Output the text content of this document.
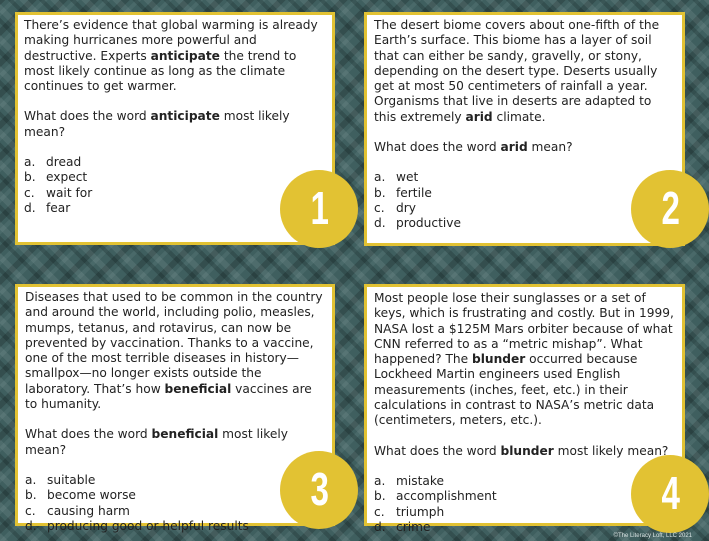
There’s evidence that global warming is already making hurricanes more powerful and destructive. Experts anticipate the trend to most likely continue as long as the climate continues to get warmer.

What does the word anticipate most likely mean?

a. dread
b. expect
c. wait for
d. fear	1

The desert biome covers about one-fifth of the Earth’s surface. This biome has a layer of soil that can either be sandy, gravelly, or stony, depending on the desert type. Deserts usually get at most 50 centimeters of rainfall a year. Organisms that live in deserts are adapted to this extremely arid climate.

What does the word arid mean?

a. wet
b. fertile
c. dry
d. productive	2

Diseases that used to be common in the country and around the world, including polio, measles, mumps, tetanus, and rotavirus, can now be prevented by vaccination. Thanks to a vaccine, one of the most terrible diseases in history—smallpox—no longer exists outside the laboratory. That’s how beneficial vaccines are to humanity.

What does the word beneficial most likely mean?

a. suitable
b. become worse
c. causing harm
d. producing good or helpful results
3

Most people lose their sunglasses or a set of keys, which is frustrating and costly. But in 1999, NASA lost a $125M Mars orbiter because of what CNN referred to as a “metric mishap”. What happened? The blunder occurred because Lockheed Martin engineers used English measurements (inches, feet, etc.) in their calculations in contrast to NASA’s metric data (centimeters, meters, etc.).

What does the word blunder most likely mean?

a. mistake
b. accomplishment
c. triumph
d. crime
4
©The Literacy Loft, LLC 2021
